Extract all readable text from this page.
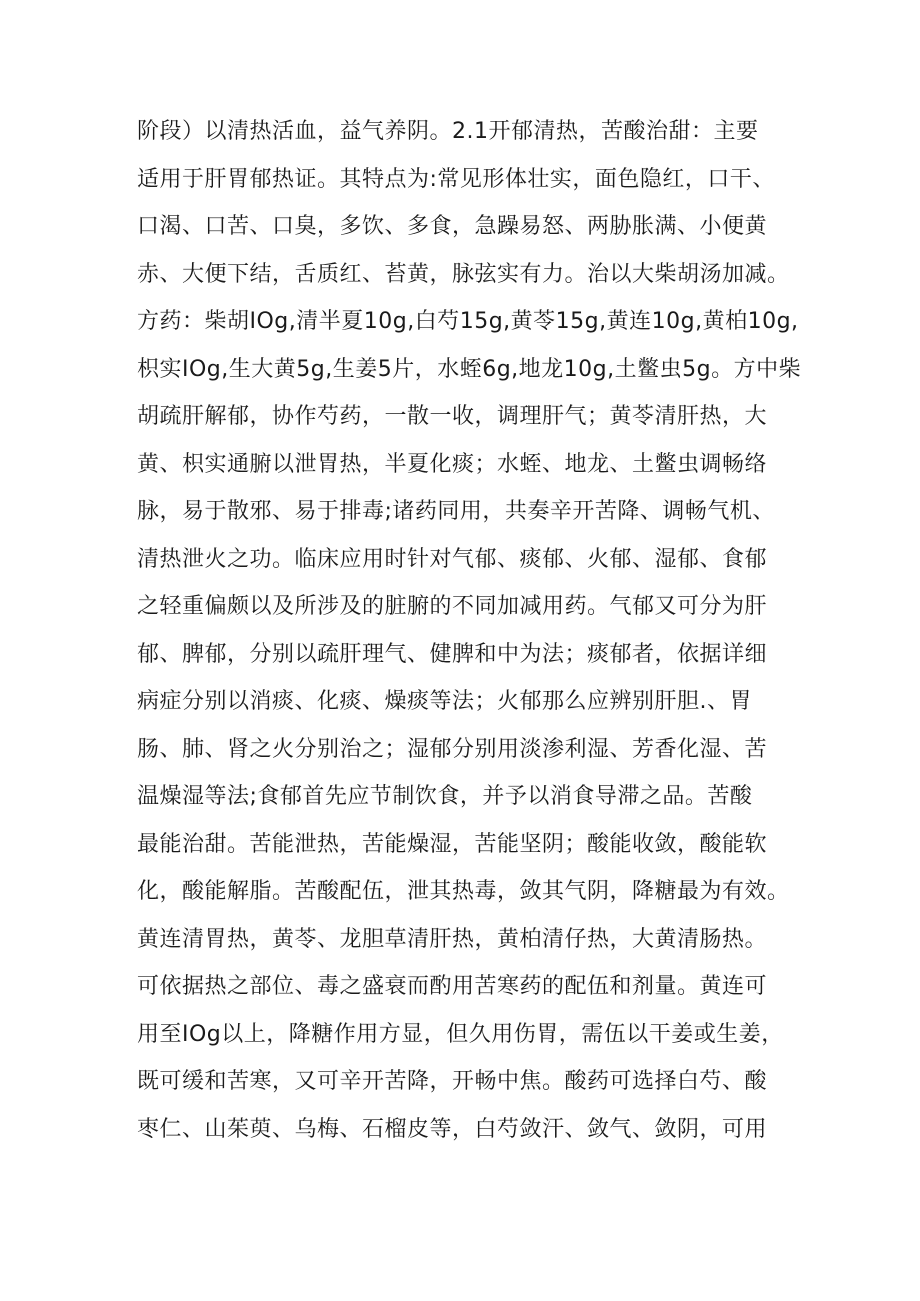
阶段）以清热活血，益气养阴。2.1开郁清热，苦酸治甜：主要
适用于肝胃郁热证。其特点为:常见形体壮实，面色隐红，口干、
口渴、口苦、口臭，多饮、多食，急躁易怒、两胁胀满、小便黄
赤、大便下结，舌质红、苔黄，脉弦实有力。治以大柴胡汤加减。
方药：柴胡IOg,清半夏10g,白芍15g,黄苓15g,黄连10g,黄柏10g,
枳实IOg,生大黄5g,生姜5片，水蛭6g,地龙10g,土鳖虫5g。方中柴
胡疏肝解郁，协作芍药，一散一收，调理肝气；黄苓清肝热，大
黄、枳实通腑以泄胃热，半夏化痰；水蛭、地龙、土鳖虫调畅络
脉，易于散邪、易于排毒;诸药同用，共奏辛开苦降、调畅气机、
清热泄火之功。临床应用时针对气郁、痰郁、火郁、湿郁、食郁
之轻重偏颇以及所涉及的脏腑的不同加减用药。气郁又可分为肝
郁、脾郁，分别以疏肝理气、健脾和中为法；痰郁者，依据详细
病症分别以消痰、化痰、燥痰等法；火郁那么应辨别肝胆.、胃
肠、肺、肾之火分别治之；湿郁分别用淡渗利湿、芳香化湿、苦
温燥湿等法;食郁首先应节制饮食，并予以消食导滞之品。苦酸
最能治甜。苦能泄热，苦能燥湿，苦能坚阴；酸能收敛，酸能软
化，酸能解脂。苦酸配伍，泄其热毒，敛其气阴，降糖最为有效。
黄连清胃热，黄苓、龙胆草清肝热，黄柏清仔热，大黄清肠热。
可依据热之部位、毒之盛衰而酌用苦寒药的配伍和剂量。黄连可
用至IOg以上，降糖作用方显，但久用伤胃，需伍以干姜或生姜，
既可缓和苦寒，又可辛开苦降，开畅中焦。酸药可选择白芍、酸
枣仁、山茱萸、乌梅、石榴皮等，白芍敛汗、敛气、敛阴，可用
